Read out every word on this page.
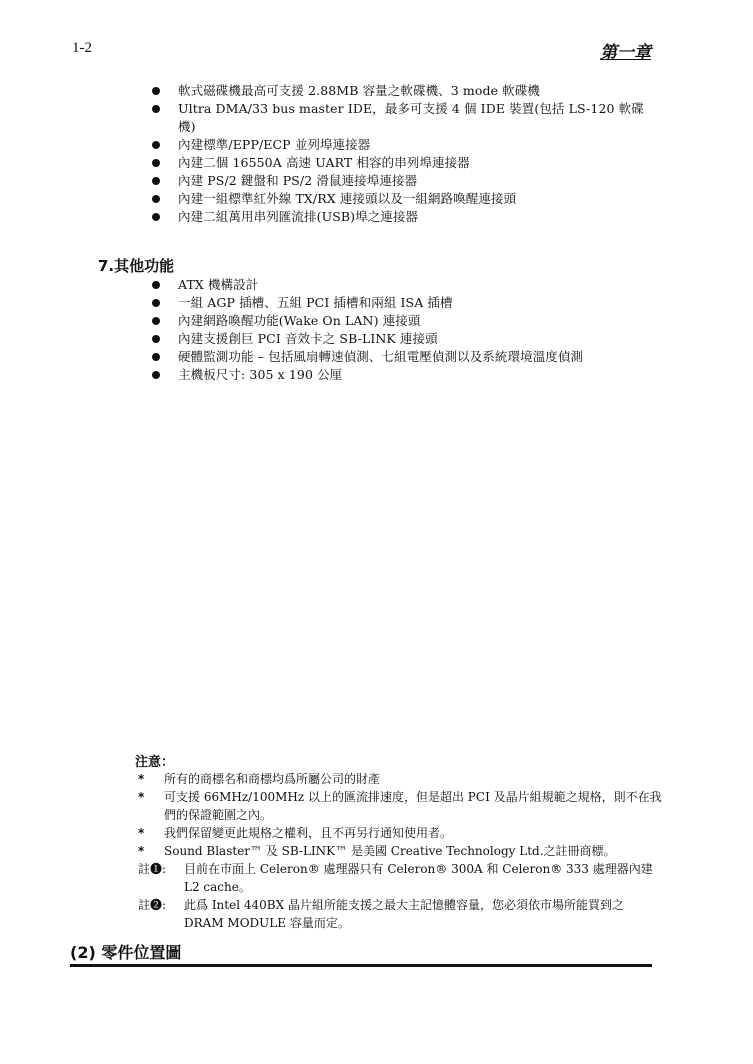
1-2	第一章
軟式磁碟機最高可支援 2.88MB 容量之軟碟機、3 mode 軟碟機
Ultra DMA/33 bus master IDE，最多可支援 4 個 IDE 裝置(包括 LS-120 軟碟機)
內建標準/EPP/ECP 並列埠連接器
內建二個 16550A 高速 UART 相容的串列埠連接器
內建 PS/2 鍵盤和 PS/2 滑鼠連接埠連接器
內建一組標準紅外線 TX/RX 連接頭以及一組網路喚醒連接頭
內建二組萬用串列匯流排(USB)埠之連接器
7.其他功能
ATX 機構設計
一組 AGP 插槽、五組 PCI 插槽和兩組 ISA 插槽
內建網路喚醒功能(Wake On LAN) 連接頭
內建支援創巨 PCI 音效卡之 SB-LINK 連接頭
硬體監測功能 – 包括風扇轉速偵測、七組電壓偵測以及系統環境溫度偵測
主機板尺寸: 305 x 190 公厘
注意：
* 所有的商標名和商標均爲所屬公司的財產
* 可支援 66MHz/100MHz 以上的匯流排速度，但是超出 PCI 及晶片組規範之規格，則不在我們的保證範圍之內。
* 我們保留變更此規格之權利，且不再另行通知使用者。
* Sound Blaster™ 及 SB-LINK™ 是美國 Creative Technology Ltd.之註冊商標。
註❶: 目前在市面上 Celeron® 處理器只有 Celeron® 300A 和 Celeron® 333 處理器內建 L2 cache。
註❷: 此爲 Intel 440BX 晶片組所能支援之最大主記憶體容量，您必須依市場所能買到之 DRAM MODULE 容量而定。
(2) 零件位置圖
